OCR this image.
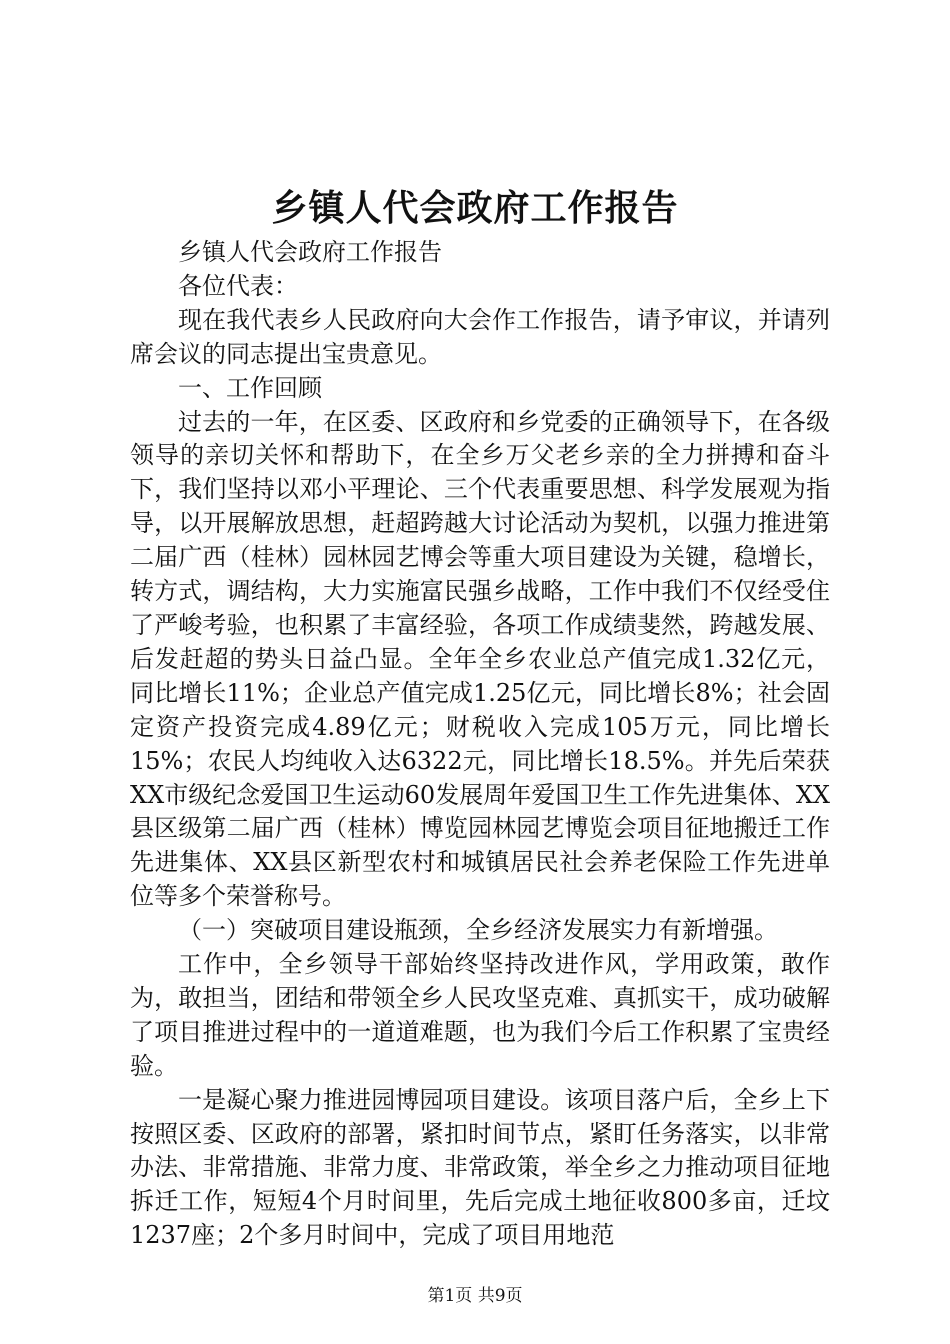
乡镇人代会政府工作报告

乡镇人代会政府工作报告

各位代表：

现在我代表乡人民政府向大会作工作报告，请予审议，并请列席会议的同志提出宝贵意见。

一、工作回顾

过去的一年，在区委、区政府和乡党委的正确领导下，在各级领导的亲切关怀和帮助下，在全乡万父老乡亲的全力拼搏和奋斗下，我们坚持以邓小平理论、三个代表重要思想、科学发展观为指导，以开展解放思想，赶超跨越大讨论活动为契机，以强力推进第二届广西（桂林）园林园艺博会等重大项目建设为关键，稳增长，转方式，调结构，大力实施富民强乡战略，工作中我们不仅经受住了严峻考验，也积累了丰富经验，各项工作成绩斐然，跨越发展、后发赶超的势头日益凸显。全年全乡农业总产值完成1.32亿元，同比增长11%；企业总产值完成1.25亿元，同比增长8%；社会固定资产投资完成4.89亿元；财税收入完成105万元，同比增长15%；农民人均纯收入达6322元，同比增长18.5%。并先后荣获XX市级纪念爱国卫生运动60发展周年爱国卫生工作先进集体、XX县区级第二届广西（桂林）博览园林园艺博览会项目征地搬迁工作先进集体、XX县区新型农村和城镇居民社会养老保险工作先进单位等多个荣誉称号。

（一）突破项目建设瓶颈，全乡经济发展实力有新增强。

工作中，全乡领导干部始终坚持改进作风，学用政策，敢作为，敢担当，团结和带领全乡人民攻坚克难、真抓实干，成功破解了项目推进过程中的一道道难题，也为我们今后工作积累了宝贵经验。

一是凝心聚力推进园博园项目建设。该项目落户后，全乡上下按照区委、区政府的部署，紧扣时间节点，紧盯任务落实，以非常办法、非常措施、非常力度、非常政策，举全乡之力推动项目征地拆迁工作，短短4个月时间里，先后完成土地征收800多亩，迁坟1237座；2个多月时间中，完成了项目用地范

第1页 共9页
